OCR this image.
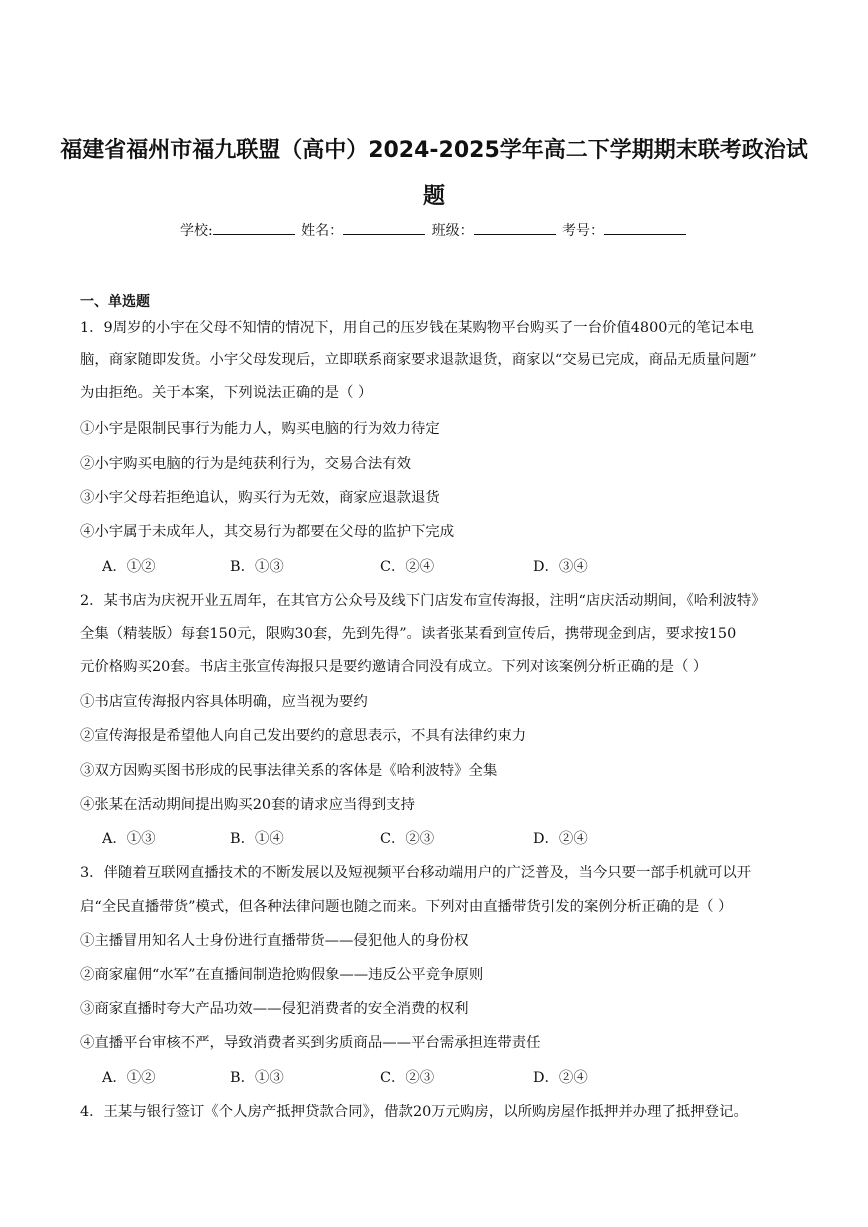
福建省福州市福九联盟（高中）2024-2025学年高二下学期期末联考政治试
题
学校:	姓名：	班级：	考号：
一、单选题
1．9周岁的小宇在父母不知情的情况下，用自己的压岁钱在某购物平台购买了一台价值4800元的笔记本电
脑，商家随即发货。小宇父母发现后，立即联系商家要求退款退货，商家以“交易已完成，商品无质量问题”
为由拒绝。关于本案，下列说法正确的是（ ）
①小宇是限制民事行为能力人，购买电脑的行为效力待定
②小宇购买电脑的行为是纯获利行为，交易合法有效
③小宇父母若拒绝追认，购买行为无效，商家应退款退货
④小宇属于未成年人，其交易行为都要在父母的监护下完成
A．①②	B．①③	C．②④	D．③④
2．某书店为庆祝开业五周年，在其官方公众号及线下门店发布宣传海报，注明“店庆活动期间，《哈利波特》
全集（精装版）每套150元，限购30套，先到先得”。读者张某看到宣传后，携带现金到店，要求按150
元价格购买20套。书店主张宣传海报只是要约邀请合同没有成立。下列对该案例分析正确的是（ ）
①书店宣传海报内容具体明确，应当视为要约
②宣传海报是希望他人向自己发出要约的意思表示，不具有法律约束力
③双方因购买图书形成的民事法律关系的客体是《哈利波特》全集
④张某在活动期间提出购买20套的请求应当得到支持
A．①③	B．①④	C．②③	D．②④
3．伴随着互联网直播技术的不断发展以及短视频平台移动端用户的广泛普及，当今只要一部手机就可以开
启“全民直播带货”模式，但各种法律问题也随之而来。下列对由直播带货引发的案例分析正确的是（ ）
①主播冒用知名人士身份进行直播带货——侵犯他人的身份权
②商家雇佣“水军”在直播间制造抢购假象——违反公平竞争原则
③商家直播时夸大产品功效——侵犯消费者的安全消费的权利
④直播平台审核不严，导致消费者买到劣质商品——平台需承担连带责任
A．①②	B．①③	C．②③	D．②④
4．王某与银行签订《个人房产抵押贷款合同》，借款20万元购房，以所购房屋作抵押并办理了抵押登记。
